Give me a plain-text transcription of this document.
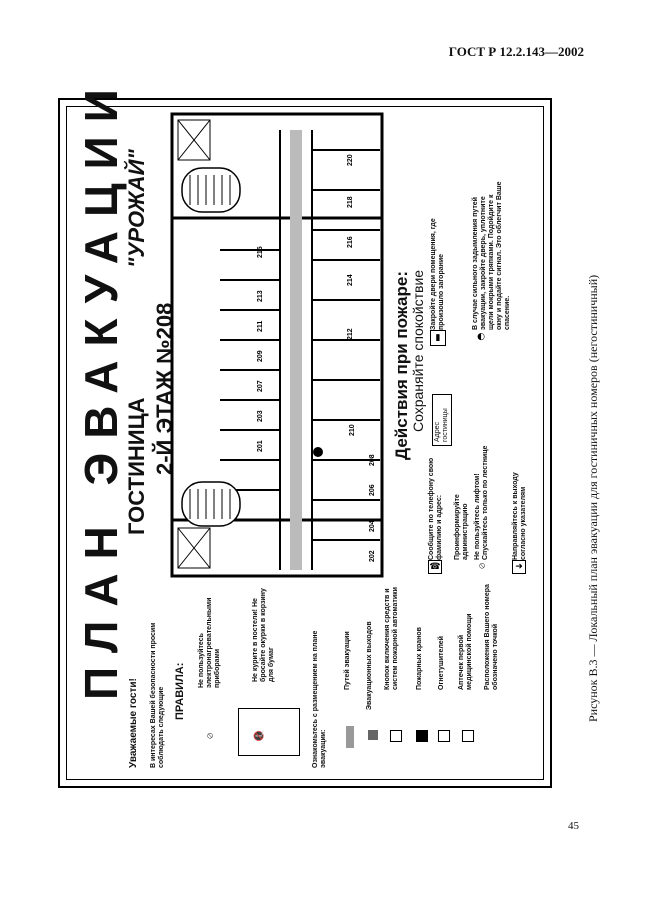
ГОСТ Р 12.2.143—2002
Рисунок В.3 — Локальный план эвакуации для гостиничных номеров (негостиничный)
45
ПЛАН ЭВАКУАЦИИ
ГОСТИНИЦА
"УРОЖАЙ"
2-Й ЭТАЖ №208	201
202
203
204
207
206
209
208
211
210
213
212
215
214
216
218
220
Уважаемые гости! В интересах Вашей безопасности просим соблюдать следующие ПРАВИЛА:
Не пользуйтесь электронагревательными приборами	Не курите в постели! Не бросайте окурки в корзину для бумаг
⦸	🚭	Ознакомьтесь с размещением на плане эвакуации:
Путей эвакуации Эвакуационных выходов Кнопок включения средств и систем пожарной автоматики Пожарных кранов Огнетушителей Аптечек первой медицинской помощи Расположения Вашего номера обозначено точкой
Действия при пожаре: Сохраняйте спокойствие
Сообщите по телефону свою фамилию и адрес:
Адрес гостиницы
Проинформируйте администрацию Не пользуйтесь лифтом! Спускайтесь только по лестнице	Направляйтесь к выходу согласно указателям
Закройте двери помещения, где произошло загорание	В случае сильного задымления путей эвакуации, закройте дверь, уплотните щели мокрыми тряпками. Подойдите к окну и подайте сигнал. Это облегчит Ваше спасение.
☎	⦸	➜
▮	◐
